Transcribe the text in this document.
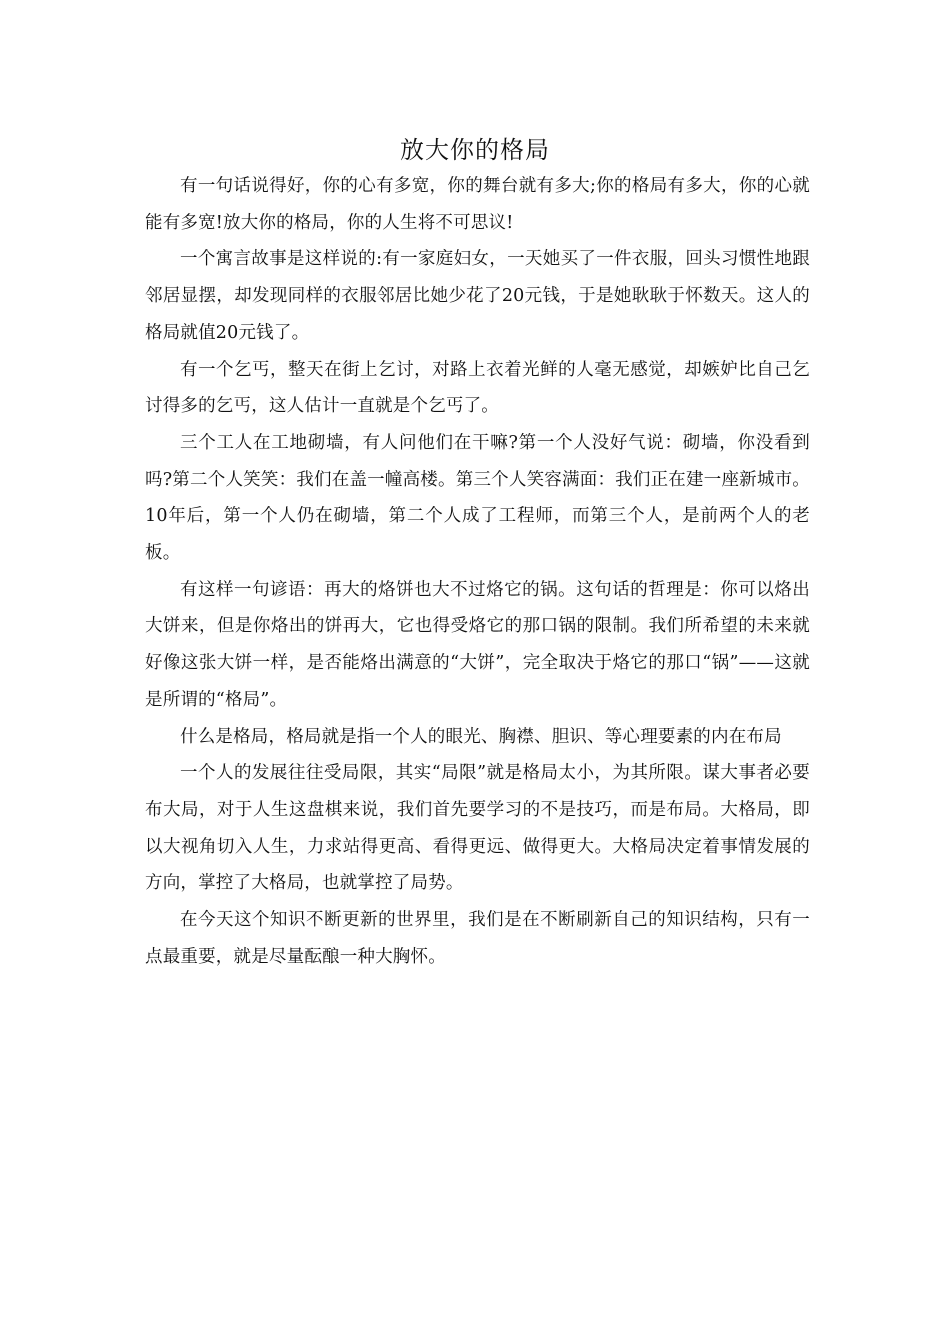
放大你的格局

有一句话说得好，你的心有多宽，你的舞台就有多大;你的格局有多大，你的心就能有多宽!放大你的格局，你的人生将不可思议!

一个寓言故事是这样说的:有一家庭妇女，一天她买了一件衣服，回头习惯性地跟邻居显摆，却发现同样的衣服邻居比她少花了20元钱，于是她耿耿于怀数天。这人的格局就值20元钱了。

有一个乞丐，整天在街上乞讨，对路上衣着光鲜的人毫无感觉，却嫉妒比自己乞讨得多的乞丐，这人估计一直就是个乞丐了。

三个工人在工地砌墙，有人问他们在干嘛?第一个人没好气说：砌墙，你没看到吗?第二个人笑笑：我们在盖一幢高楼。第三个人笑容满面：我们正在建一座新城市。10年后，第一个人仍在砌墙，第二个人成了工程师，而第三个人，是前两个人的老板。

有这样一句谚语：再大的烙饼也大不过烙它的锅。这句话的哲理是：你可以烙出大饼来，但是你烙出的饼再大，它也得受烙它的那口锅的限制。我们所希望的未来就好像这张大饼一样，是否能烙出满意的“大饼”，完全取决于烙它的那口“锅”——这就是所谓的“格局”。

什么是格局，格局就是指一个人的眼光、胸襟、胆识、等心理要素的内在布局

一个人的发展往往受局限，其实“局限”就是格局太小，为其所限。谋大事者必要布大局，对于人生这盘棋来说，我们首先要学习的不是技巧，而是布局。大格局，即以大视角切入人生，力求站得更高、看得更远、做得更大。大格局决定着事情发展的方向，掌控了大格局，也就掌控了局势。

在今天这个知识不断更新的世界里，我们是在不断刷新自己的知识结构，只有一点最重要，就是尽量酝酿一种大胸怀。
